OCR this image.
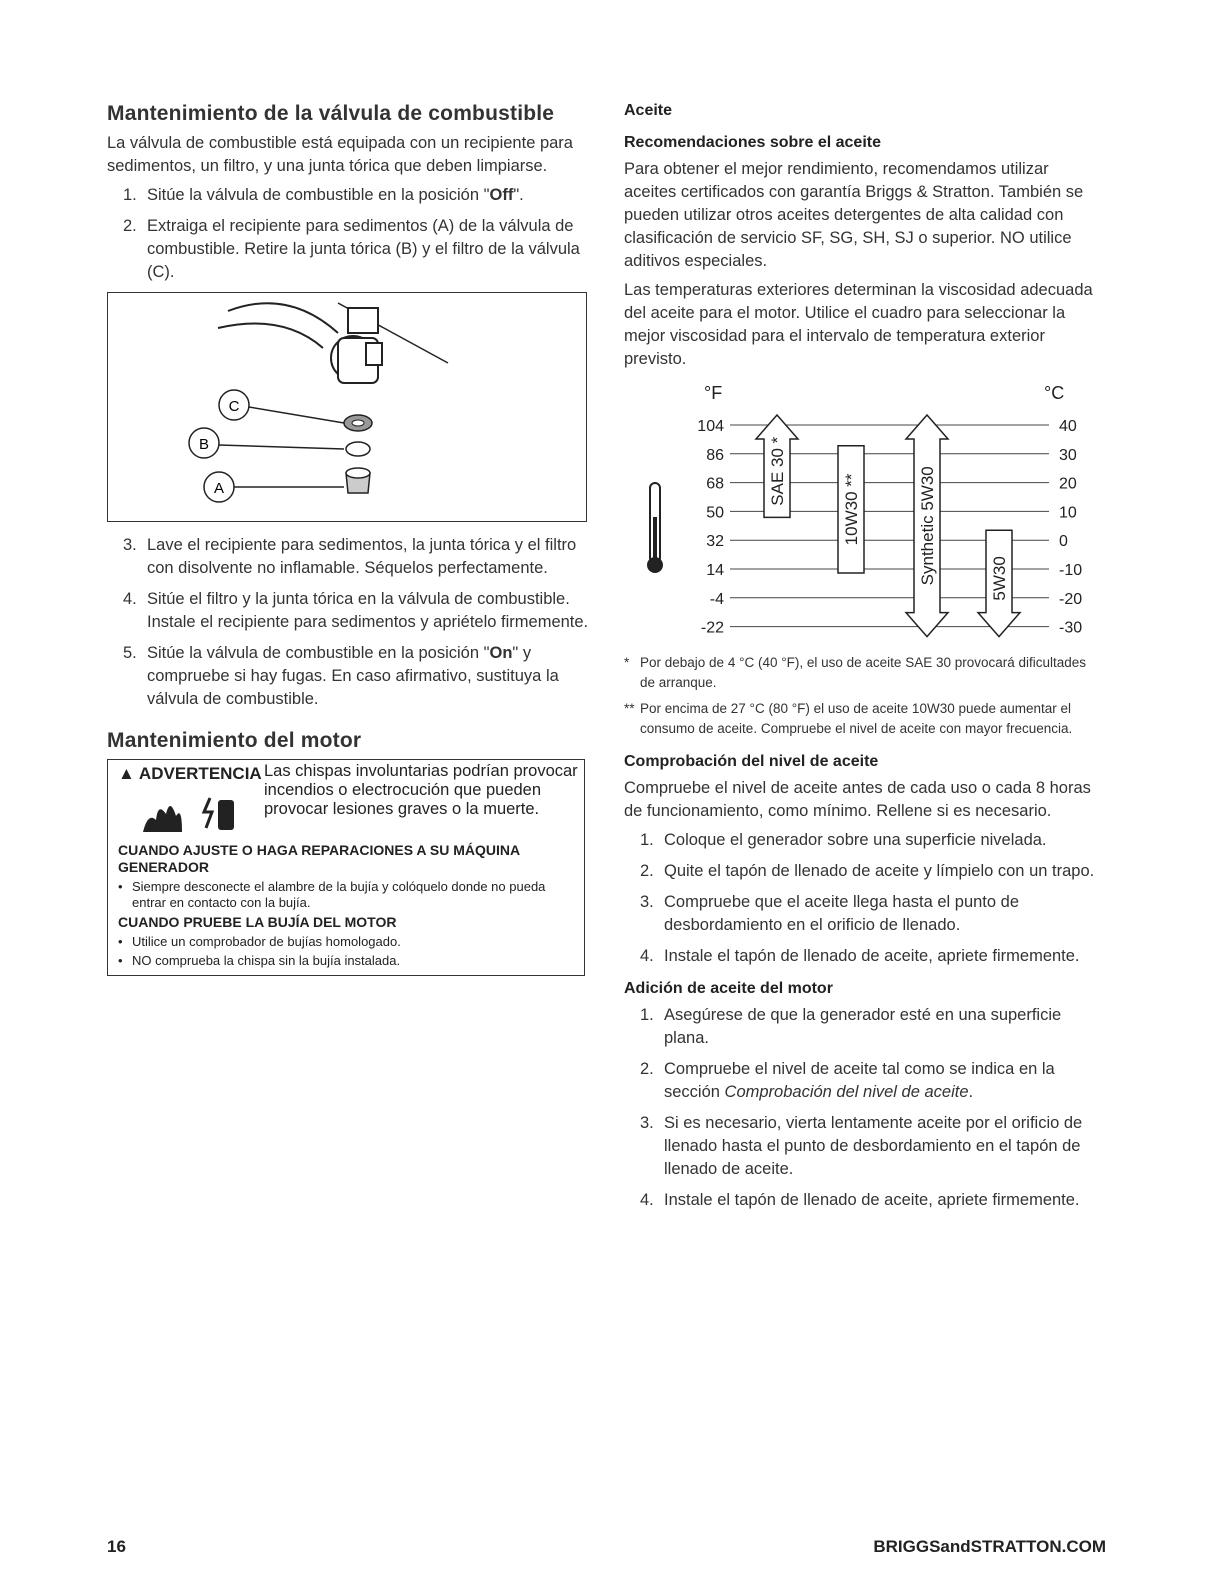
Mantenimiento de la válvula de combustible

La válvula de combustible está equipada con un recipiente para sedimentos, un filtro, y una junta tórica que deben limpiarse.

1. Sitúe la válvula de combustible en la posición "Off".
2. Extraiga el recipiente para sedimentos (A) de la válvula de combustible. Retire la junta tórica (B) y el filtro de la válvula (C).
C
B
A
3. Lave el recipiente para sedimentos, la junta tórica y el filtro con disolvente no inflamable. Séquelos perfectamente.
4. Sitúe el filtro y la junta tórica en la válvula de combustible. Instale el recipiente para sedimentos y apriételo firmemente.
5. Sitúe la válvula de combustible en la posición "On" y compruebe si hay fugas. En caso afirmativo, sustituya la válvula de combustible.
Mantenimiento del motor
▲ ADVERTENCIA Las chispas involuntarias podrían provocar incendios o electrocución que pueden provocar lesiones graves o la muerte.
CUANDO AJUSTE O HAGA REPARACIONES A SU MÁQUINA GENERADOR
• Siempre desconecte el alambre de la bujía y colóquelo donde no pueda entrar en contacto con la bujía.
CUANDO PRUEBE LA BUJÍA DEL MOTOR
• Utilice un comprobador de bujías homologado.
• NO comprueba la chispa sin la bujía instalada.
Aceite
Recomendaciones sobre el aceite

Para obtener el mejor rendimiento, recomendamos utilizar aceites certificados con garantía Briggs & Stratton. También se pueden utilizar otros aceites detergentes de alta calidad con clasificación de servicio SF, SG, SH, SJ o superior. NO utilice aditivos especiales.

Las temperaturas exteriores determinan la viscosidad adecuada del aceite para el motor. Utilice el cuadro para seleccionar la mejor viscosidad para el intervalo de temperatura exterior previsto.

°F	°C
104
86
68
50
32
14
-4
-22
40
30
20
10
0
-10
-20
-30
SAE 30 *
10W30 **	Synthetic 5W30	5W30
* Por debajo de 4 °C (40 °F), el uso de aceite SAE 30 provocará dificultades de arranque.
** Por encima de 27 °C (80 °F) el uso de aceite 10W30 puede aumentar el consumo de aceite. Compruebe el nivel de aceite con mayor frecuencia.
Comprobación del nivel de aceite

Compruebe el nivel de aceite antes de cada uso o cada 8 horas de funcionamiento, como mínimo. Rellene si es necesario.

1. Coloque el generador sobre una superficie nivelada.
2. Quite el tapón de llenado de aceite y límpielo con un trapo.
3. Compruebe que el aceite llega hasta el punto de desbordamiento en el orificio de llenado.
4. Instale el tapón de llenado de aceite, apriete firmemente.
Adición de aceite del motor
1. Asegúrese de que la generador esté en una superficie plana.
2. Compruebe el nivel de aceite tal como se indica en la sección Comprobación del nivel de aceite.
3. Si es necesario, vierta lentamente aceite por el orificio de llenado hasta el punto de desbordamiento en el tapón de llenado de aceite.
4. Instale el tapón de llenado de aceite, apriete firmemente.
16	BRIGGSandSTRATTON.COM
